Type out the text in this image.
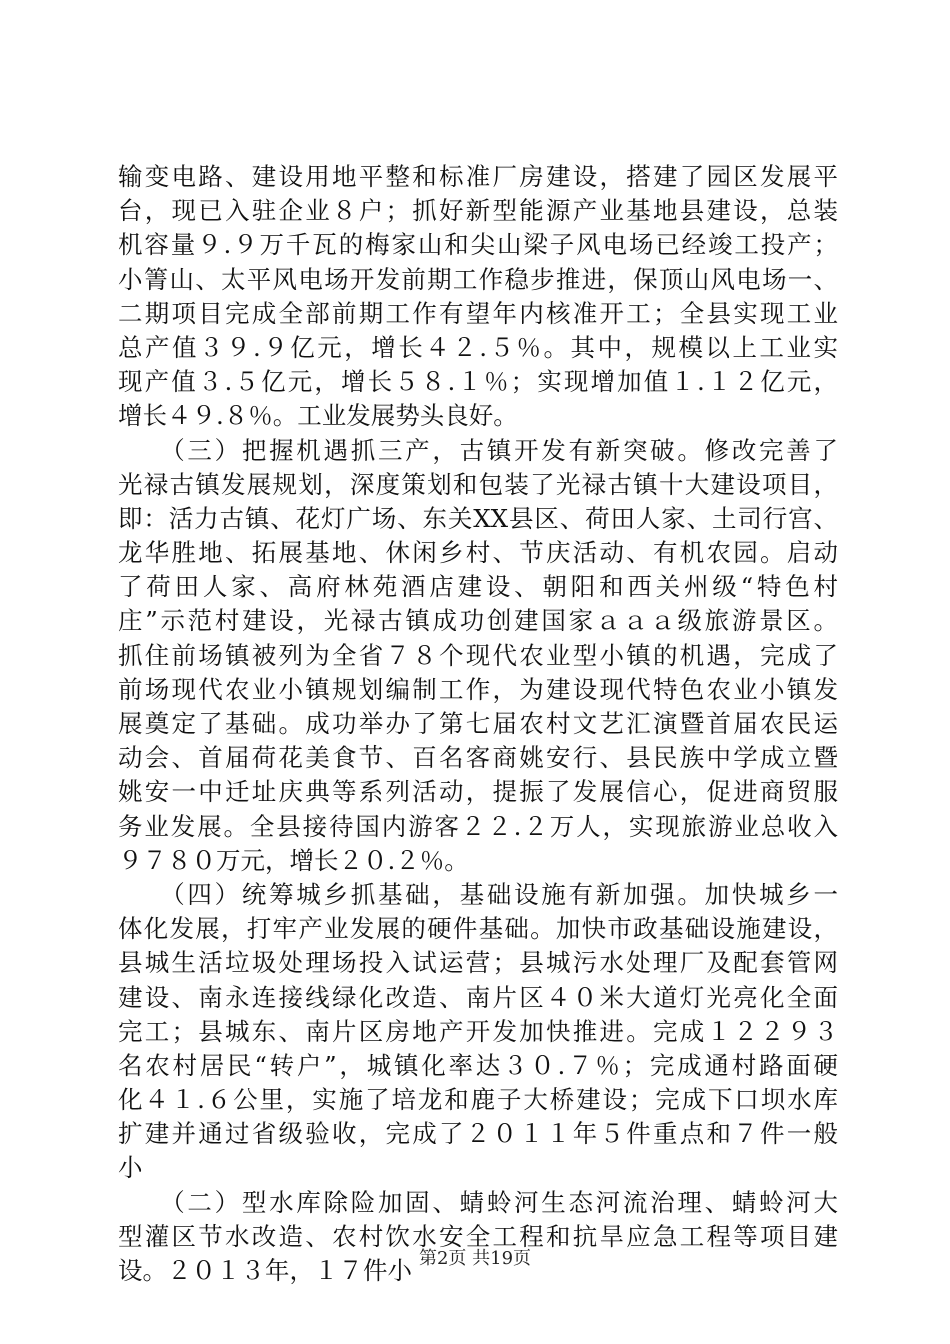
输变电路、建设用地平整和标准厂房建设，搭建了园区发展平
台，现已入驻企业８户；抓好新型能源产业基地县建设，总装
机容量９.９万千瓦的梅家山和尖山梁子风电场已经竣工投产；
小箐山、太平风电场开发前期工作稳步推进，保顶山风电场一、
二期项目完成全部前期工作有望年内核准开工；全县实现工业
总产值３９.９亿元，增长４２.５％。其中，规模以上工业实
现产值３.５亿元，增长５８.１％；实现增加值１.１２亿元，
增长４９.８％。工业发展势头良好。
　　（三）把握机遇抓三产，古镇开发有新突破。修改完善了
光禄古镇发展规划，深度策划和包装了光禄古镇十大建设项目，
即：活力古镇、花灯广场、东关XX县区、荷田人家、土司行宫、
龙华胜地、拓展基地、休闲乡村、节庆活动、有机农园。启动
了荷田人家、高府林苑酒店建设、朝阳和西关州级“特色村
庄”示范村建设，光禄古镇成功创建国家ａａａ级旅游景区。
抓住前场镇被列为全省７８个现代农业型小镇的机遇，完成了
前场现代农业小镇规划编制工作，为建设现代特色农业小镇发
展奠定了基础。成功举办了第七届农村文艺汇演暨首届农民运
动会、首届荷花美食节、百名客商姚安行、县民族中学成立暨
姚安一中迁址庆典等系列活动，提振了发展信心，促进商贸服
务业发展。全县接待国内游客２２.２万人，实现旅游业总收入
９７８０万元，增长２０.２％。
　　（四）统筹城乡抓基础，基础设施有新加强。加快城乡一
体化发展，打牢产业发展的硬件基础。加快市政基础设施建设，
县城生活垃圾处理场投入试运营；县城污水处理厂及配套管网
建设、南永连接线绿化改造、南片区４０米大道灯光亮化全面
完工；县城东、南片区房地产开发加快推进。完成１２２９３
名农村居民“转户”，城镇化率达３０.７％；完成通村路面硬
化４１.６公里，实施了培龙和鹿子大桥建设；完成下口坝水库
扩建并通过省级验收，完成了２０１１年５件重点和７件一般
小
　　（二）型水库除险加固、蜻蛉河生态河流治理、蜻蛉河大
型灌区节水改造、农村饮水安全工程和抗旱应急工程等项目建
设。２０１３年，１７件小 第2页 共19页
